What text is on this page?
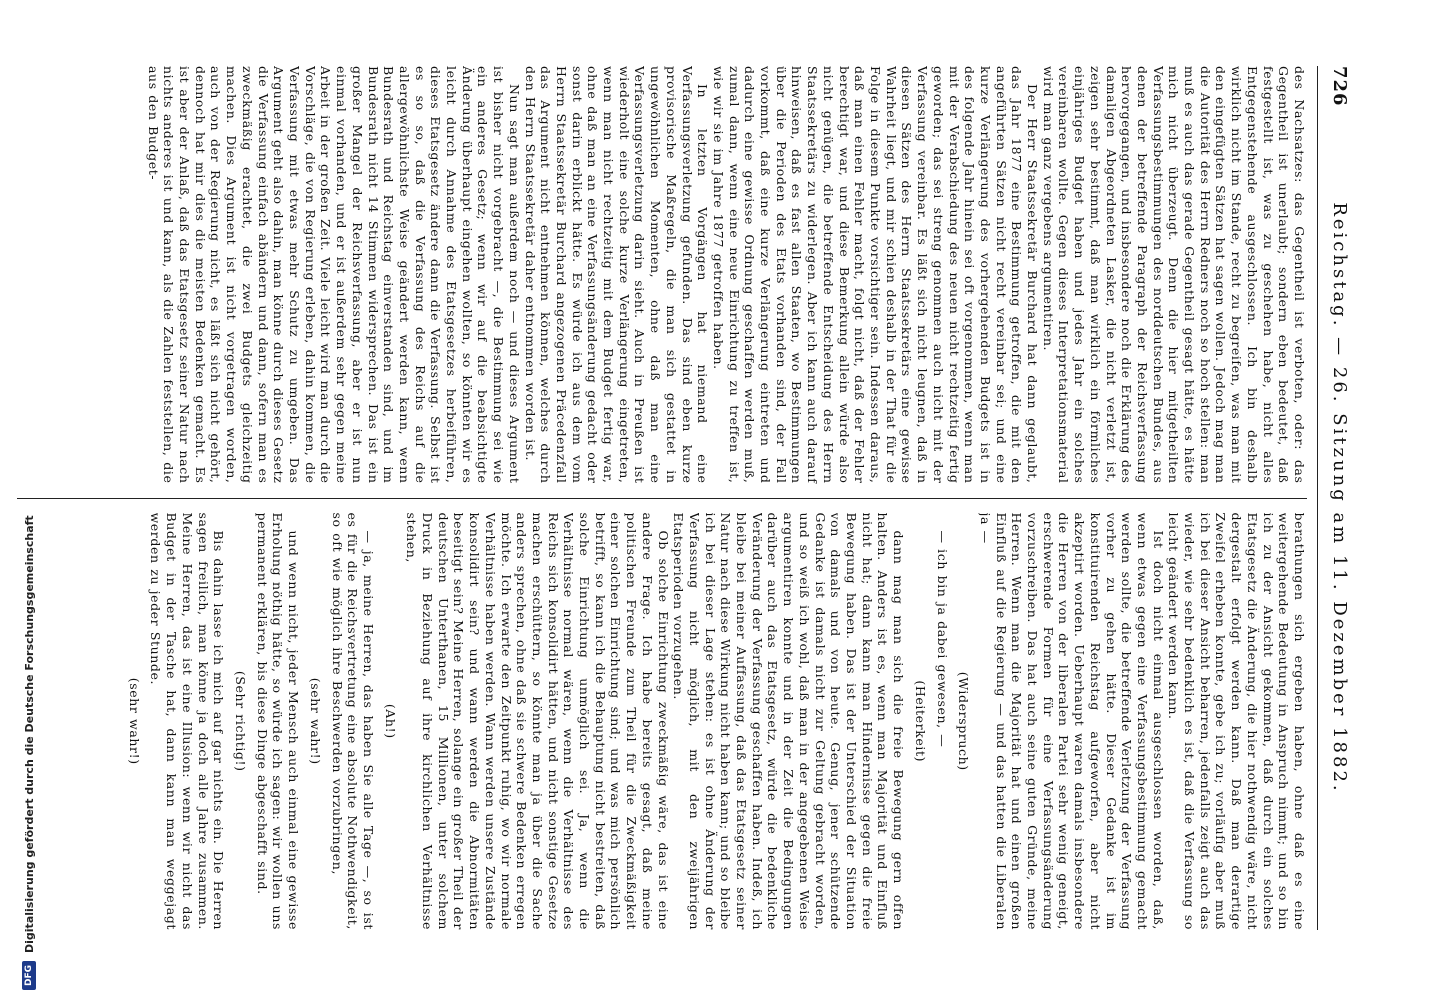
726
Reichstag. — 26. Sitzung am 11. Dezember 1882.

des Nachsatzes: das Gegentheil ist verboten, oder: das Gegentheil ist unerlaubt; sondern eben bedeutet, daß festgestellt ist, was zu geschehen habe, nicht alles Entgegenstehende ausgeschlossen. Ich bin deshalb wirklich nicht im Stande, recht zu begreifen, was man mit den eingefügten Sätzen hat sagen wollen. Jedoch mag man die Autorität des Herrn Redners noch so hoch stellen: man muß es auch das gerade Gegentheil gesagt hätte, es hätte mich nicht überzeugt. Denn die hier mitgetheilten Verfassungsbestimmungen des norddeutschen Bundes, aus denen der betreffende Paragraph der Reichsverfassung hervorgegangen, und insbesondere noch die Erklärung des damaligen Abgeordneten Lasker, die nicht verletzt ist, zeigen sehr bestimmt, daß man wirklich ein förmliches einjähriges Budget haben und jedes Jahr ein solches vereinbaren wollte. Gegen dieses Interpretationsmaterial wird man ganz vergebens argumentiren.

Der Herr Staatssekretär Burchard hat dann geglaubt, das Jahr 1877 eine Bestimmung getroffen, die mit den angeführten Sätzen nicht recht vereinbar sei; und eine kurze Verlängerung des vorhergehenden Budgets ist in des folgende Jahr hinein sei oft vorgenommen, wenn man mit der Verabschiedung des neuen nicht rechtzeitig fertig geworden; das sei streng genommen auch nicht mit der Verfassung vereinbar. Es läßt sich nicht leugnen, daß in diesen Sätzen des Herrn Staatssekretärs eine gewisse Wahrheit liegt, und mir schien deshalb in der That für die Folge in diesem Punkte vorsichtiger sein. Indessen daraus, daß man einen Fehler macht, folgt nicht, daß der Fehler berechtigt war, und diese Bemerkung allein würde also nicht genügen, die betreffende Entscheidung des Herrn Staatssekretärs zu widerlegen. Aber ich kann auch darauf hinweisen, daß es fast allen Staaten, wo Bestimmungen über die Perioden des Etats vorhanden sind, der Fall vorkommt, daß eine kurze Verlängerung eintreten und dadurch eine gewisse Ordnung geschaffen werden muß, zumal dann, wenn eine neue Einrichtung zu treffen ist, wie wir sie im Jahre 1877 getroffen haben.

In letzten Vorgängen hat niemand eine Verfassungsverletzung gefunden. Das sind eben kurze provisorische Maßregeln, die man sich gestattet in ungewöhnlichen Momenten, ohne daß man eine Verfassungsverletzung darin sieht. Auch in Preußen ist wiederholt eine solche kurze Verlängerung eingetreten, wenn man nicht rechtzeitig mit dem Budget fertig war, ohne daß man an eine Verfassungsänderung gedacht oder sonst darin erblickt hätte. Es würde ich aus dem vom Herrn Staatssekretär Burchard angezogenen Präcedenzfall das Argument nicht entnehmen können, welches durch den Herrn Staatssekretär daher entnommen worden ist.

Nun sagt man außerdem noch — und dieses Argument ist bisher nicht vorgebracht —, die Bestimmung sei wie ein anderes Gesetz; wenn wir auf die beabsichtigte Änderung überhaupt eingehen wollten, so könnten wir es leicht durch Annahme des Etatsgesetzes herbeiführen, dieses Etatsgesetz ändere dann die Verfassung. Selbst ist es so so, daß die Verfassung des Reichs auf die allergewöhnlichste Weise geändert werden kann, wenn Bundesrath und Reichstag einverstanden sind, und im Bundesrath nicht 14 Stimmen widersprechen. Das ist ein großer Mangel der Reichsverfassung, aber er ist nun einmal vorhanden, und er ist außerdem sehr gegen meine Arbeit in der großen Zeit. Viele leicht wird man durch die Vorschläge, die von Regierung erleben, dahin kommen, die Verfassung mit etwas mehr Schutz zu umgeben. Das Argument geht also dahin, man könne durch dieses Gesetz die Verfassung einfach abändern und dann, sofern man es zweckmäßig erachtet, die zwei Budgets gleichzeitig machen. Dies Argument ist nicht vorgetragen worden, auch von der Regierung nicht, es läßt sich nicht gehört, dennoch hat mir dies die meisten Bedenken gemacht. Es ist aber der Anlaß, daß das Etatsgesetz seiner Natur nach nichts anderes ist und kann, als die Zahlen feststellen, die aus den Budget-

berathungen sich ergeben haben, ohne daß es eine weitergehende Bedeutung in Anspruch nimmt; und so bin ich zu der Ansicht gekommen, daß durch ein solches Etatsgesetz die Änderung, die hier nothwendig wäre, nicht dergestalt erfolgt werden kann. Daß man derartige Zweifel erheben konnte, gebe ich zu; vorläufig aber muß ich bei dieser Ansicht beharren, jedenfalls zeigt auch das wieder, wie sehr bedenklich es ist, daß die Verfassung so leicht geändert werden kann.

Ist doch nicht einmal ausgeschlossen worden, daß, wenn etwas gegen eine Verfassungsbestimmung gemacht werden sollte, die betreffende Verletzung der Verfassung vorher zu gehen hätte. Dieser Gedanke ist im konstituirenden Reichstag aufgeworfen, aber nicht akzeptirt worden. Ueberhaupt waren damals insbesondere die Herren von der liberalen Partei sehr wenig geneigt, erschwerende Formen für eine Verfassungsänderung vorzuschreiben. Das hat auch seine guten Gründe, meine Herren. Wenn man die Majorität hat und einen großen Einfluß auf die Regierung — und das hatten die Liberalen ja —

(Widerspruch)

— ich bin ja dabei gewesen, —

(Heiterkeit)

dann mag man sich die freie Bewegung gern offen halten. Anders ist es, wenn man Majorität und Einfluß nicht hat; dann kann man Hindernisse gegen die freie Bewegung haben. Das ist der Unterschied der Situation von damals und von heute. Genug, jener schützende Gedanke ist damals nicht zur Geltung gebracht worden, und so weiß ich wohl, daß man in der angegebenen Weise argumentiren konnte und in der Zeit die Bedingungen darüber auch das Etatsgesetz, würde die bedenkliche Veränderung der Verfassung geschaffen haben. Indeß, ich bleibe bei meiner Auffassung, daß das Etatsgesetz seiner Natur nach diese Wirkung nicht haben kann; und so bleibe ich bei dieser Lage stehen: es ist ohne Änderung der Verfassung nicht möglich, mit den zweijährigen Etatsperioden vorzugehen.

Ob solche Einrichtung zweckmäßig wäre, das ist eine andere Frage. Ich habe bereits gesagt, daß meine politischen Freunde zum Theil für die Zweckmäßigkeit einer solchen Einrichtung sind; und was mich persönlich betrifft, so kann ich die Behauptung nicht bestreiten, daß solche Einrichtung unmöglich sei. Ja, wenn die Verhältnisse normal wären, wenn die Verhältnisse des Reichs sich konsolidirt hätten, und nicht sonstige Gesetze machen erschüttern, so könnte man ja über die Sache anders sprechen, ohne daß sie schwere Bedenken erregen möchte. Ich erwarte den Zeitpunkt ruhig, wo wir normale Verhältnisse haben werden. Wann werden unsere Zustände konsolidirt sein? und wann werden die Abnormitäten beseitigt sein? Meine Herren, solange ein großer Theil der deutschen Unterthanen, 15 Millionen, unter solchem Druck in Beziehung auf ihre kirchlichen Verhältnisse stehen,

(Ah!)

— ja, meine Herren, das haben Sie alle Tage —, so ist es für die Reichsvertretung eine absolute Nothwendigkeit, so oft wie möglich ihre Beschwerden vorzubringen,

(sehr wahr!)

und wenn nicht, jeder Mensch auch einmal eine gewisse Erholung nöthig hätte, so würde ich sagen: wir wollen uns permanent erklären, bis diese Dinge abgeschafft sind.

(Sehr richtig!)

Bis dahin lasse ich mich auf gar nichts ein. Die Herren sagen freilich, man könne ja doch alle Jahre zusammen. Meine Herren, das ist eine Illusion: wenn wir nicht das Budget in der Tasche hat, dann kann man weggejagt werden zu jeder Stunde.

(sehr wahr!)

DFG
Digitalisierung gefördert durch die Deutsche Forschungsgemeinschaft
